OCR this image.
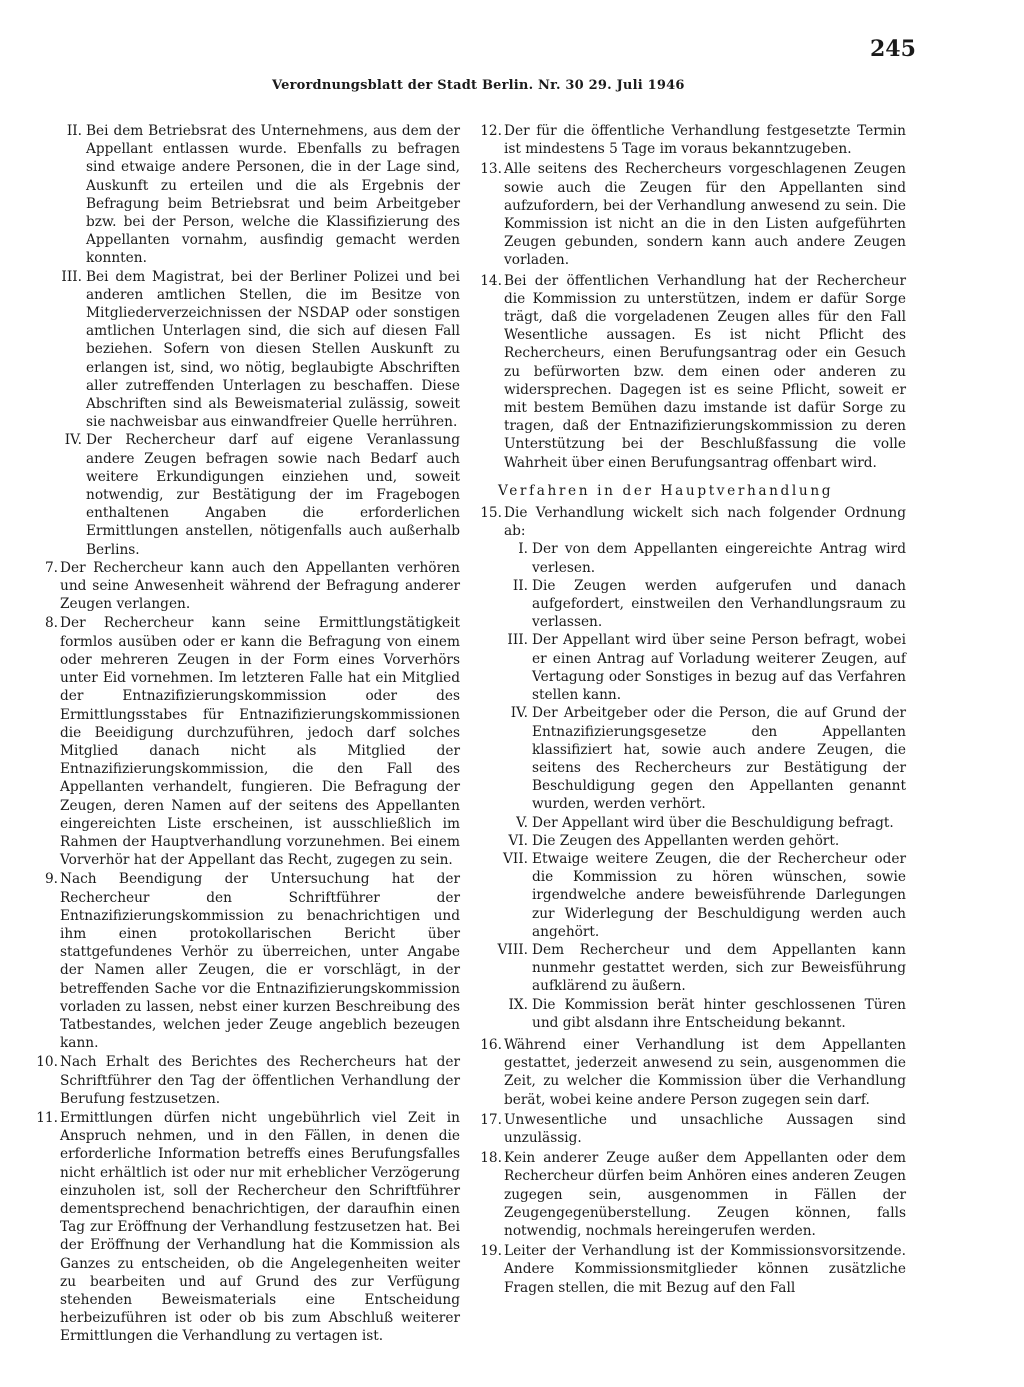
245

Verordnungsblatt der Stadt Berlin. Nr. 30 29. Juli 1946

II. Bei dem Betriebsrat des Unternehmens, aus dem der Appellant entlassen wurde. Ebenfalls zu befragen sind etwaige andere Personen, die in der Lage sind, Auskunft zu erteilen und die als Ergebnis der Befragung beim Betriebsrat und beim Arbeitgeber bzw. bei der Person, welche die Klassifizierung des Appellanten vornahm, ausfindig gemacht werden konnten.

III. Bei dem Magistrat, bei der Berliner Polizei und bei anderen amtlichen Stellen, die im Besitze von Mitgliederverzeichnissen der NSDAP oder sonstigen amtlichen Unterlagen sind, die sich auf diesen Fall beziehen. Sofern von diesen Stellen Auskunft zu erlangen ist, sind, wo nötig, beglaubigte Abschriften aller zutreffenden Unterlagen zu beschaffen. Diese Abschriften sind als Beweismaterial zulässig, soweit sie nachweisbar aus einwandfreier Quelle herrühren.

IV. Der Rechercheur darf auf eigene Veranlassung andere Zeugen befragen sowie nach Bedarf auch weitere Erkundigungen einziehen und, soweit notwendig, zur Bestätigung der im Fragebogen enthaltenen Angaben die erforderlichen Ermittlungen anstellen, nötigenfalls auch außerhalb Berlins.

7. Der Rechercheur kann auch den Appellanten verhören und seine Anwesenheit während der Befragung anderer Zeugen verlangen.

8. Der Rechercheur kann seine Ermittlungstätigkeit formlos ausüben oder er kann die Befragung von einem oder mehreren Zeugen in der Form eines Vorverhörs unter Eid vornehmen. Im letzteren Falle hat ein Mitglied der Entnazifizierungskommission oder des Ermittlungsstabes für Entnazifizierungskommissionen die Beeidigung durchzuführen, jedoch darf solches Mitglied danach nicht als Mitglied der Entnazifizierungskommission, die den Fall des Appellanten verhandelt, fungieren. Die Befragung der Zeugen, deren Namen auf der seitens des Appellanten eingereichten Liste erscheinen, ist ausschließlich im Rahmen der Hauptverhandlung vorzunehmen. Bei einem Vorverhör hat der Appellant das Recht, zugegen zu sein.

9. Nach Beendigung der Untersuchung hat der Rechercheur den Schriftführer der Entnazifizierungskommission zu benachrichtigen und ihm einen protokollarischen Bericht über stattgefundenes Verhör zu überreichen, unter Angabe der Namen aller Zeugen, die er vorschlägt, in der betreffenden Sache vor die Entnazifizierungskommission vorladen zu lassen, nebst einer kurzen Beschreibung des Tatbestandes, welchen jeder Zeuge angeblich bezeugen kann.

10. Nach Erhalt des Berichtes des Rechercheurs hat der Schriftführer den Tag der öffentlichen Verhandlung der Berufung festzusetzen.

11. Ermittlungen dürfen nicht ungebührlich viel Zeit in Anspruch nehmen, und in den Fällen, in denen die erforderliche Information betreffs eines Berufungsfalles nicht erhältlich ist oder nur mit erheblicher Verzögerung einzuholen ist, soll der Rechercheur den Schriftführer dementsprechend benachrichtigen, der daraufhin einen Tag zur Eröffnung der Verhandlung festzusetzen hat. Bei der Eröffnung der Verhandlung hat die Kommission als Ganzes zu entscheiden, ob die Angelegenheiten weiter zu bearbeiten und auf Grund des zur Verfügung stehenden Beweismaterials eine Entscheidung herbeizuführen ist oder ob bis zum Abschluß weiterer Ermittlungen die Verhandlung zu vertagen ist.

12. Der für die öffentliche Verhandlung festgesetzte Termin ist mindestens 5 Tage im voraus bekanntzugeben.

13. Alle seitens des Rechercheurs vorgeschlagenen Zeugen sowie auch die Zeugen für den Appellanten sind aufzufordern, bei der Verhandlung anwesend zu sein. Die Kommission ist nicht an die in den Listen aufgeführten Zeugen gebunden, sondern kann auch andere Zeugen vorladen.

14. Bei der öffentlichen Verhandlung hat der Rechercheur die Kommission zu unterstützen, indem er dafür Sorge trägt, daß die vorgeladenen Zeugen alles für den Fall Wesentliche aussagen. Es ist nicht Pflicht des Rechercheurs, einen Berufungsantrag oder ein Gesuch zu befürworten bzw. dem einen oder anderen zu widersprechen. Dagegen ist es seine Pflicht, soweit er mit bestem Bemühen dazu imstande ist dafür Sorge zu tragen, daß der Entnazifizierungskommission zu deren Unterstützung bei der Beschlußfassung die volle Wahrheit über einen Berufungsantrag offenbart wird.

Verfahren in der Hauptverhandlung

15. Die Verhandlung wickelt sich nach folgender Ordnung ab:

I. Der von dem Appellanten eingereichte Antrag wird verlesen.

II. Die Zeugen werden aufgerufen und danach aufgefordert, einstweilen den Verhandlungsraum zu verlassen.

III. Der Appellant wird über seine Person befragt, wobei er einen Antrag auf Vorladung weiterer Zeugen, auf Vertagung oder Sonstiges in bezug auf das Verfahren stellen kann.

IV. Der Arbeitgeber oder die Person, die auf Grund der Entnazifizierungsgesetze den Appellanten klassifiziert hat, sowie auch andere Zeugen, die seitens des Rechercheurs zur Bestätigung der Beschuldigung gegen den Appellanten genannt wurden, werden verhört.

V. Der Appellant wird über die Beschuldigung befragt.

VI. Die Zeugen des Appellanten werden gehört.

VII. Etwaige weitere Zeugen, die der Rechercheur oder die Kommission zu hören wünschen, sowie irgendwelche andere beweisführende Darlegungen zur Widerlegung der Beschuldigung werden auch angehört.

VIII. Dem Rechercheur und dem Appellanten kann nunmehr gestattet werden, sich zur Beweisführung aufklärend zu äußern.

IX. Die Kommission berät hinter geschlossenen Türen und gibt alsdann ihre Entscheidung bekannt.

16. Während einer Verhandlung ist dem Appellanten gestattet, jederzeit anwesend zu sein, ausgenommen die Zeit, zu welcher die Kommission über die Verhandlung berät, wobei keine andere Person zugegen sein darf.

17. Unwesentliche und unsachliche Aussagen sind unzulässig.

18. Kein anderer Zeuge außer dem Appellanten oder dem Rechercheur dürfen beim Anhören eines anderen Zeugen zugegen sein, ausgenommen in Fällen der Zeugengegenüberstellung. Zeugen können, falls notwendig, nochmals hereingerufen werden.

19. Leiter der Verhandlung ist der Kommissionsvorsitzende. Andere Kommissionsmitglieder können zusätzliche Fragen stellen, die mit Bezug auf den Fall
